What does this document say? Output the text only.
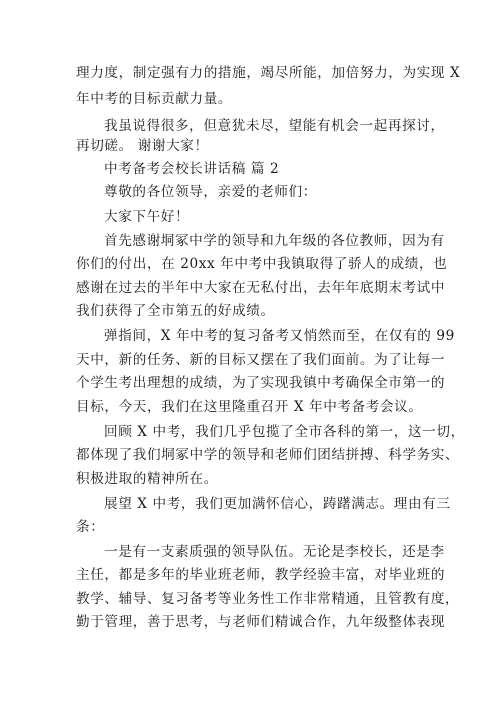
理力度，制定强有力的措施，竭尽所能，加倍努力，为实现 X
年中考的目标贡献力量。
我虽说得很多，但意犹未尽，望能有机会一起再探讨，
再切磋。 谢谢大家！
中考备考会校长讲话稿 篇 2
尊敬的各位领导，亲爱的老师们：
大家下午好！
首先感谢垌冢中学的领导和九年级的各位教师，因为有
你们的付出，在 20xx 年中考中我镇取得了骄人的成绩，也
感谢在过去的半年中大家在无私付出，去年年底期末考试中
我们获得了全市第五的好成绩。
弹指间，X 年中考的复习备考又悄然而至，在仅有的 99
天中，新的任务、新的目标又摆在了我们面前。为了让每一
个学生考出理想的成绩，为了实现我镇中考确保全市第一的
目标，今天，我们在这里隆重召开 X 年中考备考会议。
回顾 X 中考，我们几乎包揽了全市各科的第一，这一切，
都体现了我们垌冢中学的领导和老师们团结拼搏、科学务实、
积极进取的精神所在。
展望 X 中考，我们更加满怀信心，踌躇满志。理由有三
条：
一是有一支素质强的领导队伍。无论是李校长，还是李
主任，都是多年的毕业班老师，教学经验丰富，对毕业班的
教学、辅导、复习备考等业务性工作非常精通，且管教有度，
勤于管理，善于思考，与老师们精诚合作，九年级整体表现
